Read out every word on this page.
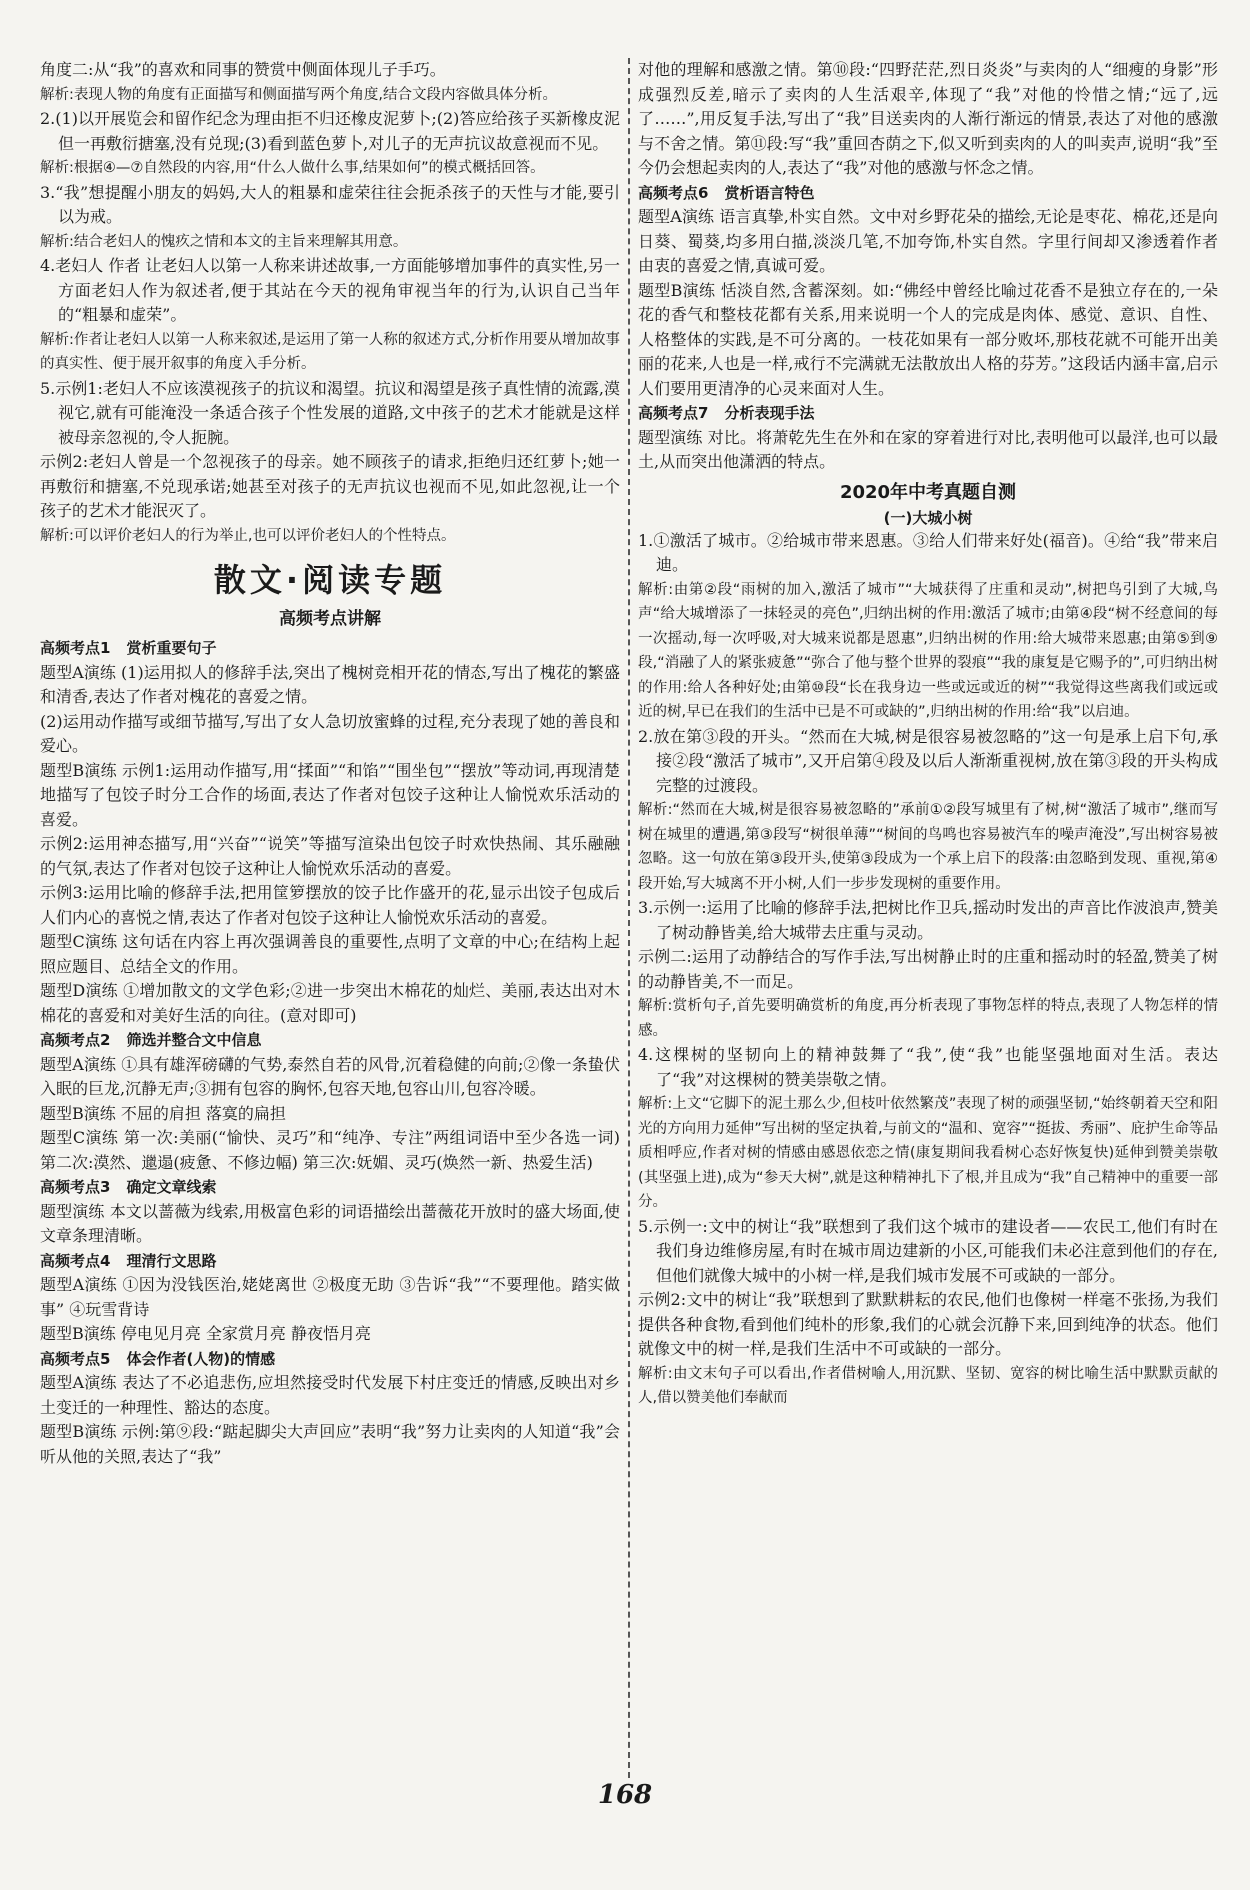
角度二:从“我”的喜欢和同事的赞赏中侧面体现儿子手巧。

解析:表现人物的角度有正面描写和侧面描写两个角度,结合文段内容做具体分析。

2.(1)以开展览会和留作纪念为理由拒不归还橡皮泥萝卜;(2)答应给孩子买新橡皮泥但一再敷衍搪塞,没有兑现;(3)看到蓝色萝卜,对儿子的无声抗议故意视而不见。

解析:根据④—⑦自然段的内容,用“什么人做什么事,结果如何”的模式概括回答。

3.“我”想提醒小朋友的妈妈,大人的粗暴和虚荣往往会扼杀孩子的天性与才能,要引以为戒。

解析:结合老妇人的愧疚之情和本文的主旨来理解其用意。

4.老妇人 作者 让老妇人以第一人称来讲述故事,一方面能够增加事件的真实性,另一方面老妇人作为叙述者,便于其站在今天的视角审视当年的行为,认识自己当年的“粗暴和虚荣”。

解析:作者让老妇人以第一人称来叙述,是运用了第一人称的叙述方式,分析作用要从增加故事的真实性、便于展开叙事的角度入手分析。

5.示例1:老妇人不应该漠视孩子的抗议和渴望。抗议和渴望是孩子真性情的流露,漠视它,就有可能淹没一条适合孩子个性发展的道路,文中孩子的艺术才能就是这样被母亲忽视的,令人扼腕。

示例2:老妇人曾是一个忽视孩子的母亲。她不顾孩子的请求,拒绝归还红萝卜;她一再敷衍和搪塞,不兑现承诺;她甚至对孩子的无声抗议也视而不见,如此忽视,让一个孩子的艺术才能泯灭了。

解析:可以评价老妇人的行为举止,也可以评价老妇人的个性特点。

散文·阅读专题
高频考点讲解
高频考点1 赏析重要句子

题型A演练 (1)运用拟人的修辞手法,突出了槐树竞相开花的情态,写出了槐花的繁盛和清香,表达了作者对槐花的喜爱之情。

(2)运用动作描写或细节描写,写出了女人急切放蜜蜂的过程,充分表现了她的善良和爱心。

题型B演练 示例1:运用动作描写,用“揉面”“和馅”“围坐包”“摆放”等动词,再现清楚地描写了包饺子时分工合作的场面,表达了作者对包饺子这种让人愉悦欢乐活动的喜爱。

示例2:运用神态描写,用“兴奋”“说笑”等描写渲染出包饺子时欢快热闹、其乐融融的气氛,表达了作者对包饺子这种让人愉悦欢乐活动的喜爱。

示例3:运用比喻的修辞手法,把用筐箩摆放的饺子比作盛开的花,显示出饺子包成后人们内心的喜悦之情,表达了作者对包饺子这种让人愉悦欢乐活动的喜爱。

题型C演练 这句话在内容上再次强调善良的重要性,点明了文章的中心;在结构上起照应题目、总结全文的作用。

题型D演练 ①增加散文的文学色彩;②进一步突出木棉花的灿烂、美丽,表达出对木棉花的喜爱和对美好生活的向往。(意对即可)

高频考点2 筛选并整合文中信息

题型A演练 ①具有雄浑磅礴的气势,泰然自若的风骨,沉着稳健的向前;②像一条蛰伏入眠的巨龙,沉静无声;③拥有包容的胸怀,包容天地,包容山川,包容冷暖。

题型B演练 不屈的肩担 落寞的扁担

题型C演练 第一次:美丽(“愉快、灵巧”和“纯净、专注”两组词语中至少各选一词) 第二次:漠然、邋遢(疲惫、不修边幅) 第三次:妩媚、灵巧(焕然一新、热爱生活)

高频考点3 确定文章线索

题型演练 本文以蔷薇为线索,用极富色彩的词语描绘出蔷薇花开放时的盛大场面,使文章条理清晰。

高频考点4 理清行文思路

题型A演练 ①因为没钱医治,姥姥离世 ②极度无助 ③告诉“我”“不要理他。踏实做事” ④玩雪背诗

题型B演练 停电见月亮 全家赏月亮 静夜悟月亮

高频考点5 体会作者(人物)的情感

题型A演练 表达了不必追悲伤,应坦然接受时代发展下村庄变迁的情感,反映出对乡土变迁的一种理性、豁达的态度。

题型B演练 示例:第⑨段:“踮起脚尖大声回应”表明“我”努力让卖肉的人知道“我”会听从他的关照,表达了“我”

对他的理解和感激之情。第⑩段:“四野茫茫,烈日炎炎”与卖肉的人“细瘦的身影”形成强烈反差,暗示了卖肉的人生活艰辛,体现了“我”对他的怜惜之情;“远了,远了……”,用反复手法,写出了“我”目送卖肉的人渐行渐远的情景,表达了对他的感激与不舍之情。第⑪段:写“我”重回杏荫之下,似又听到卖肉的人的叫卖声,说明“我”至今仍会想起卖肉的人,表达了“我”对他的感激与怀念之情。

高频考点6 赏析语言特色

题型A演练 语言真挚,朴实自然。文中对乡野花朵的描绘,无论是枣花、棉花,还是向日葵、蜀葵,均多用白描,淡淡几笔,不加夸饰,朴实自然。字里行间却又渗透着作者由衷的喜爱之情,真诚可爱。

题型B演练 恬淡自然,含蓄深刻。如:“佛经中曾经比喻过花香不是独立存在的,一朵花的香气和整枝花都有关系,用来说明一个人的完成是肉体、感觉、意识、自性、人格整体的实践,是不可分离的。一枝花如果有一部分败坏,那枝花就不可能开出美丽的花来,人也是一样,戒行不完满就无法散放出人格的芬芳。”这段话内涵丰富,启示人们要用更清净的心灵来面对人生。

高频考点7 分析表现手法

题型演练 对比。将萧乾先生在外和在家的穿着进行对比,表明他可以最洋,也可以最土,从而突出他潇洒的特点。

2020年中考真题自测
(一)大城小树

1.①激活了城市。②给城市带来恩惠。③给人们带来好处(福音)。④给“我”带来启迪。

解析:由第②段“雨树的加入,激活了城市”“大城获得了庄重和灵动”,树把鸟引到了大城,鸟声“给大城增添了一抹轻灵的亮色”,归纳出树的作用:激活了城市;由第④段“树不经意间的每一次摇动,每一次呼吸,对大城来说都是恩惠”,归纳出树的作用:给大城带来恩惠;由第⑤到⑨段,“消融了人的紧张疲惫”“弥合了他与整个世界的裂痕”“我的康复是它赐予的”,可归纳出树的作用:给人各种好处;由第⑩段“长在我身边一些或远或近的树”“我觉得这些离我们或远或近的树,早已在我们的生活中已是不可或缺的”,归纳出树的作用:给“我”以启迪。

2.放在第③段的开头。“然而在大城,树是很容易被忽略的”这一句是承上启下句,承接②段“激活了城市”,又开启第④段及以后人渐渐重视树,放在第③段的开头构成完整的过渡段。

解析:“然而在大城,树是很容易被忽略的”承前①②段写城里有了树,树“激活了城市”,继而写树在城里的遭遇,第③段写“树很单薄”“树间的鸟鸣也容易被汽车的噪声淹没”,写出树容易被忽略。这一句放在第③段开头,使第③段成为一个承上启下的段落:由忽略到发现、重视,第④段开始,写大城离不开小树,人们一步步发现树的重要作用。

3.示例一:运用了比喻的修辞手法,把树比作卫兵,摇动时发出的声音比作波浪声,赞美了树动静皆美,给大城带去庄重与灵动。

示例二:运用了动静结合的写作手法,写出树静止时的庄重和摇动时的轻盈,赞美了树的动静皆美,不一而足。

解析:赏析句子,首先要明确赏析的角度,再分析表现了事物怎样的特点,表现了人物怎样的情感。

4.这棵树的坚韧向上的精神鼓舞了“我”,使“我”也能坚强地面对生活。表达了“我”对这棵树的赞美崇敬之情。

解析:上文“它脚下的泥土那么少,但枝叶依然繁茂”表现了树的顽强坚韧,“始终朝着天空和阳光的方向用力延伸”写出树的坚定执着,与前文的“温和、宽容”“挺拔、秀丽”、庇护生命等品质相呼应,作者对树的情感由感恩依恋之情(康复期间我看树心态好恢复快)延伸到赞美崇敬(其坚强上进),成为“参天大树”,就是这种精神扎下了根,并且成为“我”自己精神中的重要一部分。

5.示例一:文中的树让“我”联想到了我们这个城市的建设者——农民工,他们有时在我们身边维修房屋,有时在城市周边建新的小区,可能我们未必注意到他们的存在,但他们就像大城中的小树一样,是我们城市发展不可或缺的一部分。

示例2:文中的树让“我”联想到了默默耕耘的农民,他们也像树一样毫不张扬,为我们提供各种食物,看到他们纯朴的形象,我们的心就会沉静下来,回到纯净的状态。他们就像文中的树一样,是我们生活中不可或缺的一部分。

解析:由文末句子可以看出,作者借树喻人,用沉默、坚韧、宽容的树比喻生活中默默贡献的人,借以赞美他们奉献而

168
